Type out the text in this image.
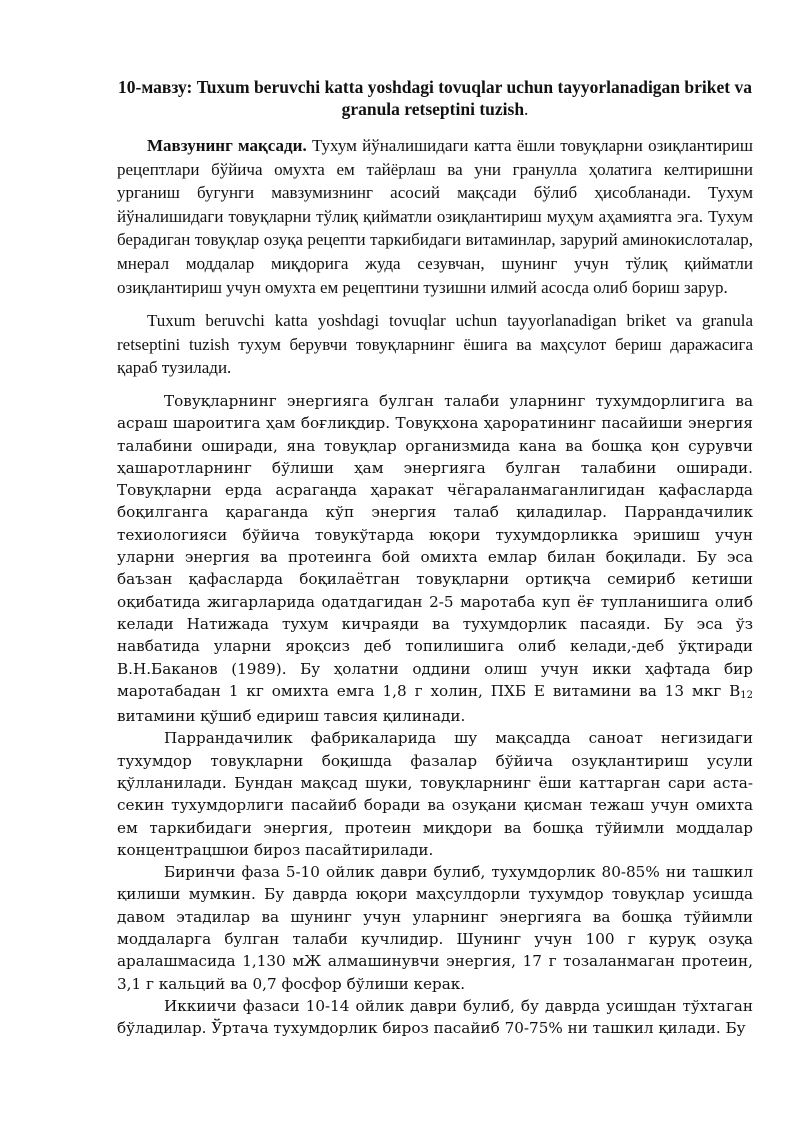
10-мавзу: Tuxum beruvchi katta yoshdagi tovuqlar uchun tayyorlanadigan briket va granula retseptini tuzish.

Мавзунинг мақсади. Тухум йўналишидаги катта ёшли товуқларни озиқлантириш рецептлари бўйича омухта ем тайёрлаш ва уни гранулла ҳолатига келтиришни урганиш бугунги мавзумизнинг асосий мақсади бўлиб ҳисобланади. Тухум йўналишидаги товуқларни тўлиқ қийматли озиқлантириш муҳум аҳамиятга эга. Тухум берадиган товуқлар озуқа рецепти таркибидаги витаминлар, зарурий аминокислоталар, мнерал моддалар миқдорига жуда сезувчан, шунинг учун тўлиқ қийматли озиқлантириш учун омухта ем рецептини тузишни илмий асосда олиб бориш зарур.

Tuxum beruvchi katta yoshdagi tovuqlar uchun tayyorlanadigan briket va granula retseptini tuzish тухум берувчи товуқларнинг ёшига ва маҳсулот бериш даражасига қараб тузилади.

Товуқларнинг энергияга булган талаби уларнинг тухумдорлигига ва асраш шароитига ҳам боғлиқдир. Товуқхона ҳароратининг пасайиши энергия талабини оширади, яна товуқлар организмида кана ва бошқа қон сурувчи ҳашаротларнинг бўлиши ҳам энергияга булган талабини оширади. Товуқларни ерда асрагаңда ҳаракат чёгараланмаганлигидан қафасларда боқилганга қараганда кўп энергия талаб қиладилар. Паррандачилик техиологияси бўйича товукўтарда юқори тухумдорликка эришиш учун уларни энергия ва протеинга бой омихта емлар билан боқилади. Бу эса баъзан қафасларда боқилаётган товуқларни ортиқча семириб кетиши оқибатида жигарларида одатдагидан 2-5 маротаба куп ёғ тупланишига олиб келади Натижада тухум кичраяди ва тухумдорлик пасаяди. Бу эса ўз навбатида уларни яроқсиз деб топилишига олиб келади,-деб ўқтиради В.Н.Баканов (1989). Бу ҳолатни оддини олиш учун икки ҳафтада бир маротабадан 1 кг омихта емга 1,8 г холин, ПХБ Е витамини ва 13 мкг В12 витамини қўшиб едириш тавсия қилинади.

Паррандачилик фабрикаларида шу мақсадда саноат негизидаги тухумдор товуқларни боқишда фазалар бўйича озуқлантириш усули қўлланилади. Бундан мақсад шуки, товуқларнинг ёши каттарган сари аста-секин тухумдорлиги пасайиб боради ва озуқани қисман тежаш учун омихта ем таркибидаги энергия, протеин миқдори ва бошқа тўйимли моддалар концентрацшюи бироз пасайтирилади.

Биринчи фаза 5-10 ойлик даври булиб, тухумдорлик 80-85% ни ташкил қилиши мумкин. Бу даврда юқори маҳсулдорли тухумдор товуқлар усишда давом этадилар ва шунинг учун уларнинг энергияга ва бошқа тўйимли моддаларга булган талаби кучлидир. Шунинг учун 100 г куруқ озуқа аралашмасида 1,130 мЖ алмашинувчи энергия, 17 г тозаланмаган протеин, 3,1 г кальций ва 0,7 фосфор бўлиши керак.

Иккиичи фазаси 10-14 ойлик даври булиб, бу даврда усишдан тўхтаган бўладилар. Ўртача тухумдорлик бироз пасайиб 70-75% ни ташкил қилади. Бу
